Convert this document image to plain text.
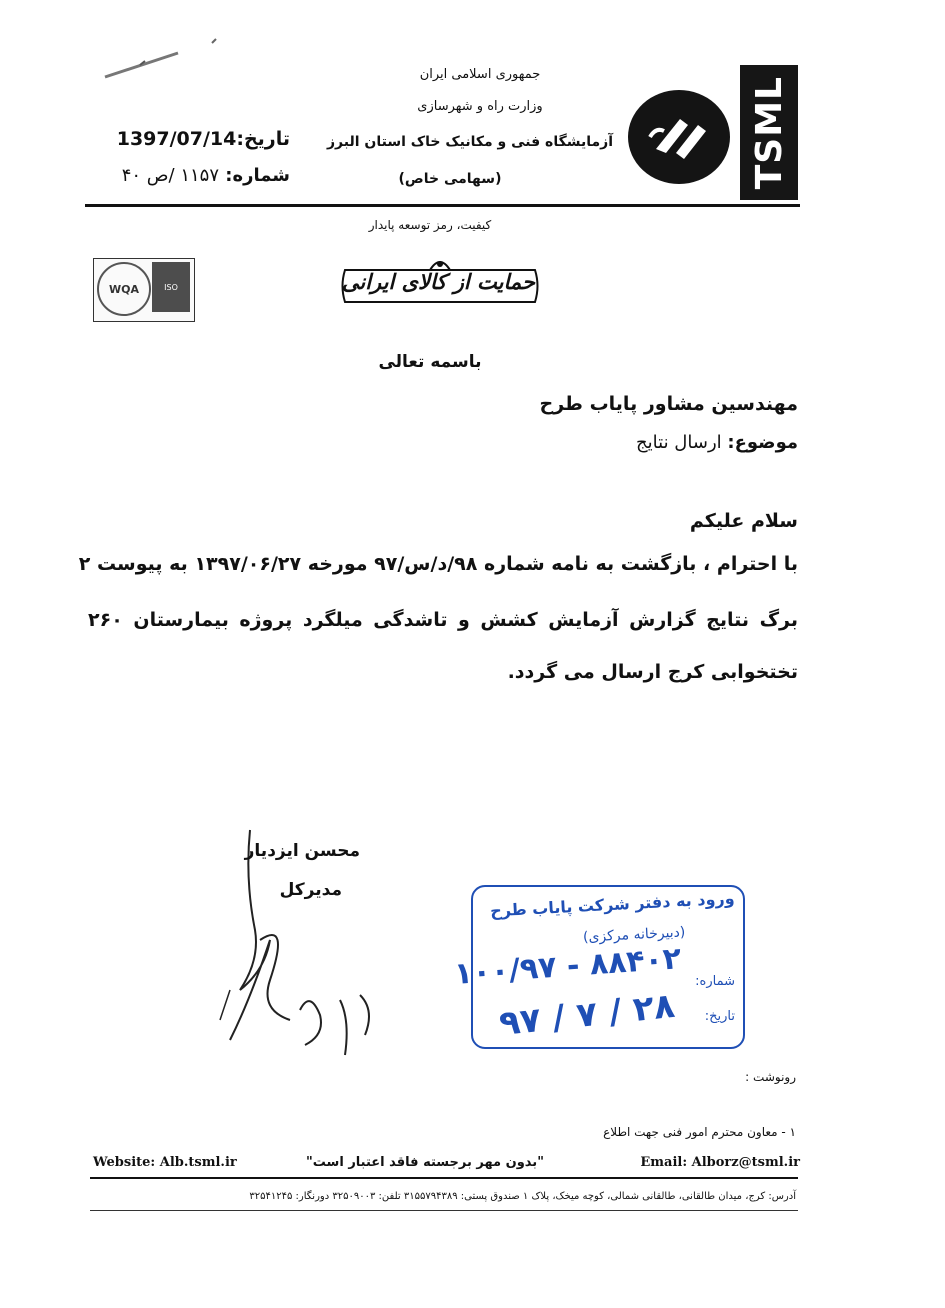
TSML
جمهوری اسلامی ایران
وزارت راه و شهرسازی
آزمایشگاه فنی و مکانیک خاک استان البرز
(سهامی خاص)
تاریخ:1397/07/14
شماره: ۱۱۵۷ /ص ۴۰
کیفیت، رمز توسعه پایدار
حمایت از کالای ایرانی
WQA	ISO
باسمه تعالی
مهندسین مشاور پایاب طرح
موضوع: ارسال نتایج
سلام علیکم
با احترام ، بازگشت به نامه شماره ۹۸/د/س/۹۷ مورخه ۱۳۹۷/۰۶/۲۷ به پیوست ۲
برگ نتایج گزارش آزمایش کشش و تاشدگی میلگرد پروژه بیمارستان ۲۶۰
تختخوابی کرج ارسال می گردد.
محسن ایزدیار
مدیرکل	ورود به دفتر شرکت پایاب طرح
(دبیرخانه مرکزی)
شماره:
۱۰۰/۹۷ - ۸۸۴۰۲
تاریخ:
۹۷ / ۷ / ۲۸
رونوشت :
۱ - معاون محترم امور فنی جهت اطلاع
Website: Alb.tsml.ir	"بدون مهر برجسته فاقد اعتبار است"	Email: Alborz@tsml.ir
آدرس: کرج، میدان طالقانی، طالقانی شمالی، کوچه میخک، پلاک ۱ صندوق پستی: ۳۱۵۵۷۹۴۳۸۹ تلفن: ۳۲۵۰۹۰۰۳ دورنگار: ۳۲۵۴۱۲۴۵
